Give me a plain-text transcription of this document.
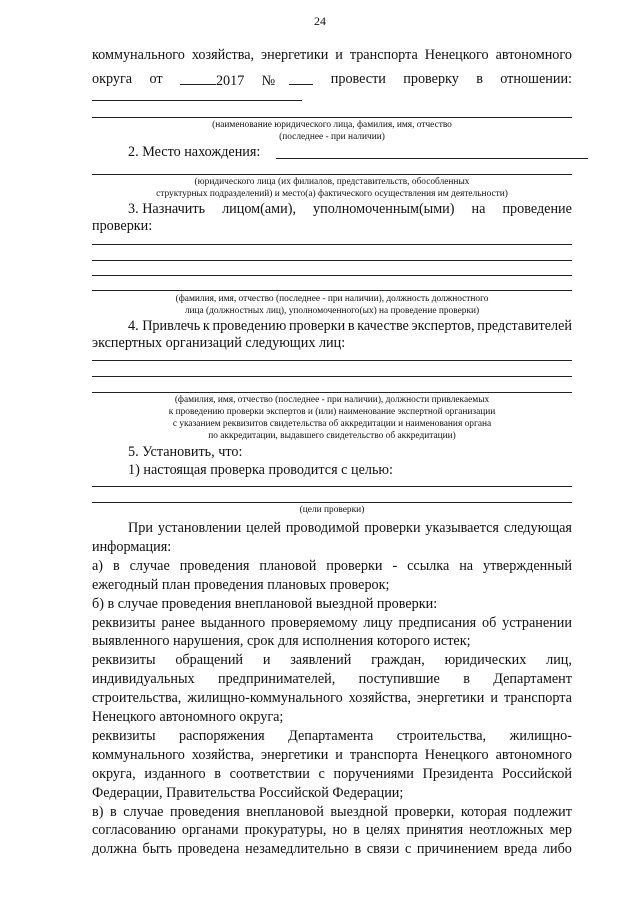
24
коммунального хозяйства, энергетики и транспорта Ненецкого автономного
округа от	2017 №	провести проверку в отношении:
(наименование юридического лица, фамилия, имя, отчество
(последнее - при наличии)
2. Место нахождения:
(юридического лица (их филиалов, представительств, обособленных
структурных подразделений) и место(а) фактического осуществления им деятельности)
3. Назначить лицом(ами), уполномоченным(ыми) на проведение
проверки:
(фамилия, имя, отчество (последнее - при наличии), должность должностного
лица (должностных лиц), уполномоченного(ых) на проведение проверки)
4. Привлечь к проведению проверки в качестве экспертов, представителей
экспертных организаций следующих лиц:
(фамилия, имя, отчество (последнее - при наличии), должности привлекаемых
к проведению проверки экспертов и (или) наименование экспертной организации
с указанием реквизитов свидетельства об аккредитации и наименования органа
по аккредитации, выдавшего свидетельство об аккредитации)
5. Установить, что:
1) настоящая проверка проводится с целью:
(цели проверки)
При установлении целей проводимой проверки указывается следующая
информация:
а) в случае проведения плановой проверки - ссылка на утвержденный
ежегодный план проведения плановых проверок;
б) в случае проведения внеплановой выездной проверки:
реквизиты ранее выданного проверяемому лицу предписания об устранении
выявленного нарушения, срок для исполнения которого истек;
реквизиты обращений и заявлений граждан, юридических лиц,
индивидуальных предпринимателей, поступившие в Департамент
строительства, жилищно-коммунального хозяйства, энергетики и транспорта
Ненецкого автономного округа;
реквизиты распоряжения Департамента строительства, жилищно-
коммунального хозяйства, энергетики и транспорта Ненецкого автономного
округа, изданного в соответствии с поручениями Президента Российской
Федерации, Правительства Российской Федерации;
в) в случае проведения внеплановой выездной проверки, которая подлежит
согласованию органами прокуратуры, но в целях принятия неотложных мер
должна быть проведена незамедлительно в связи с причинением вреда либо
